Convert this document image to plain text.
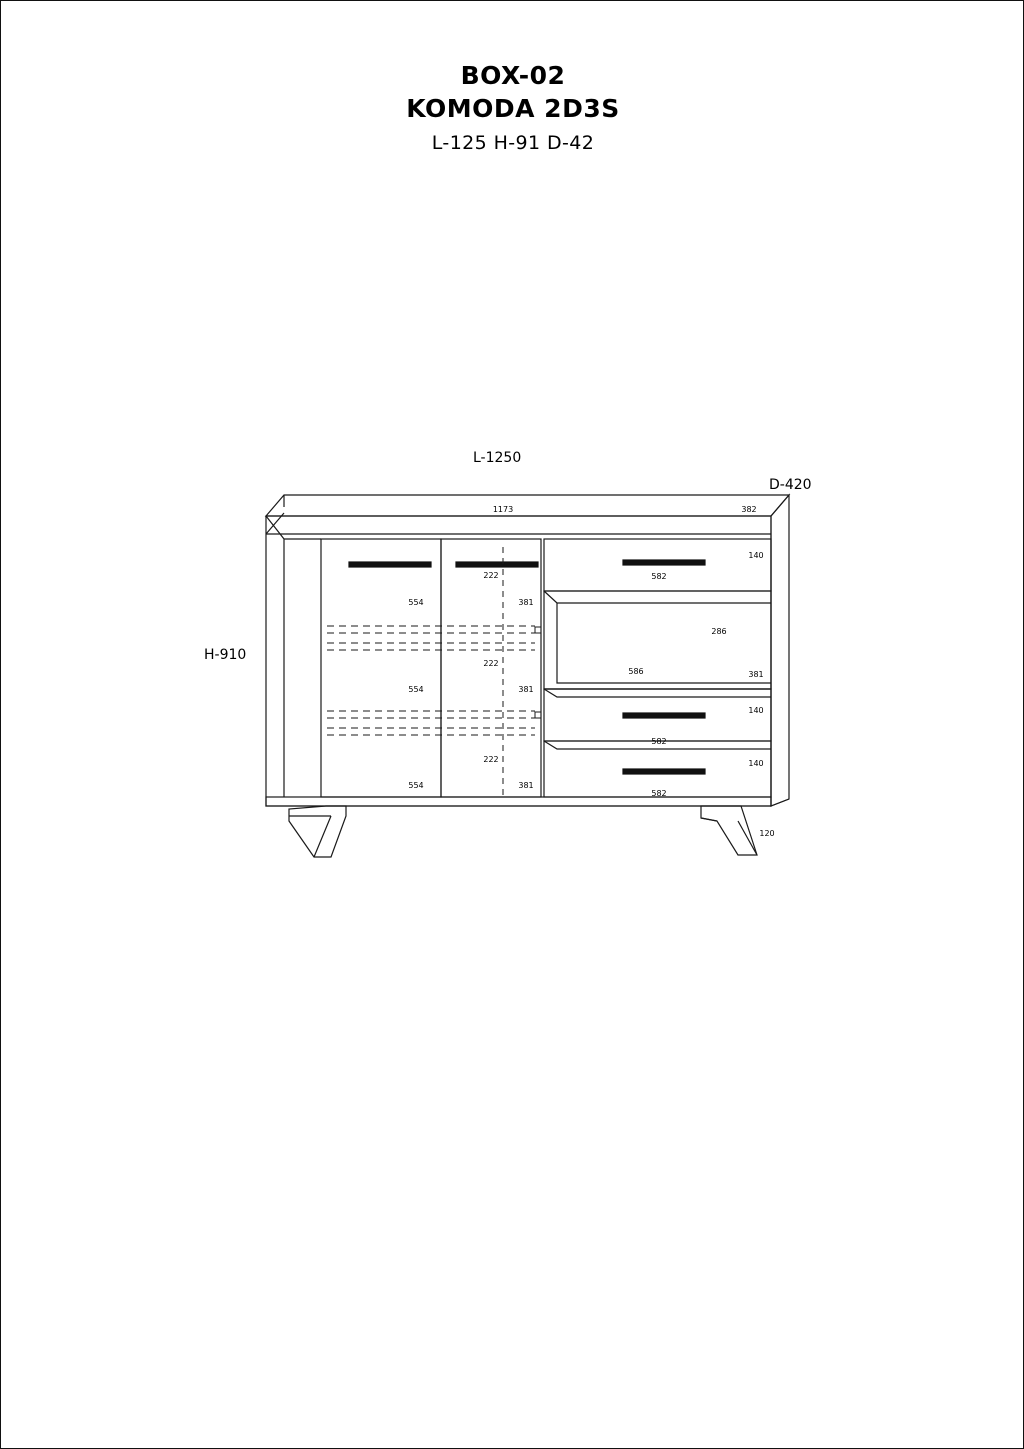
BOX-02
KOMODA 2D3S
L-125 H-91 D-42
L-1250
D-420
H-910
1173	382
222
222
222
554
554
554
381
381
381
140
582
286
586	381
140
582
140
582
120
